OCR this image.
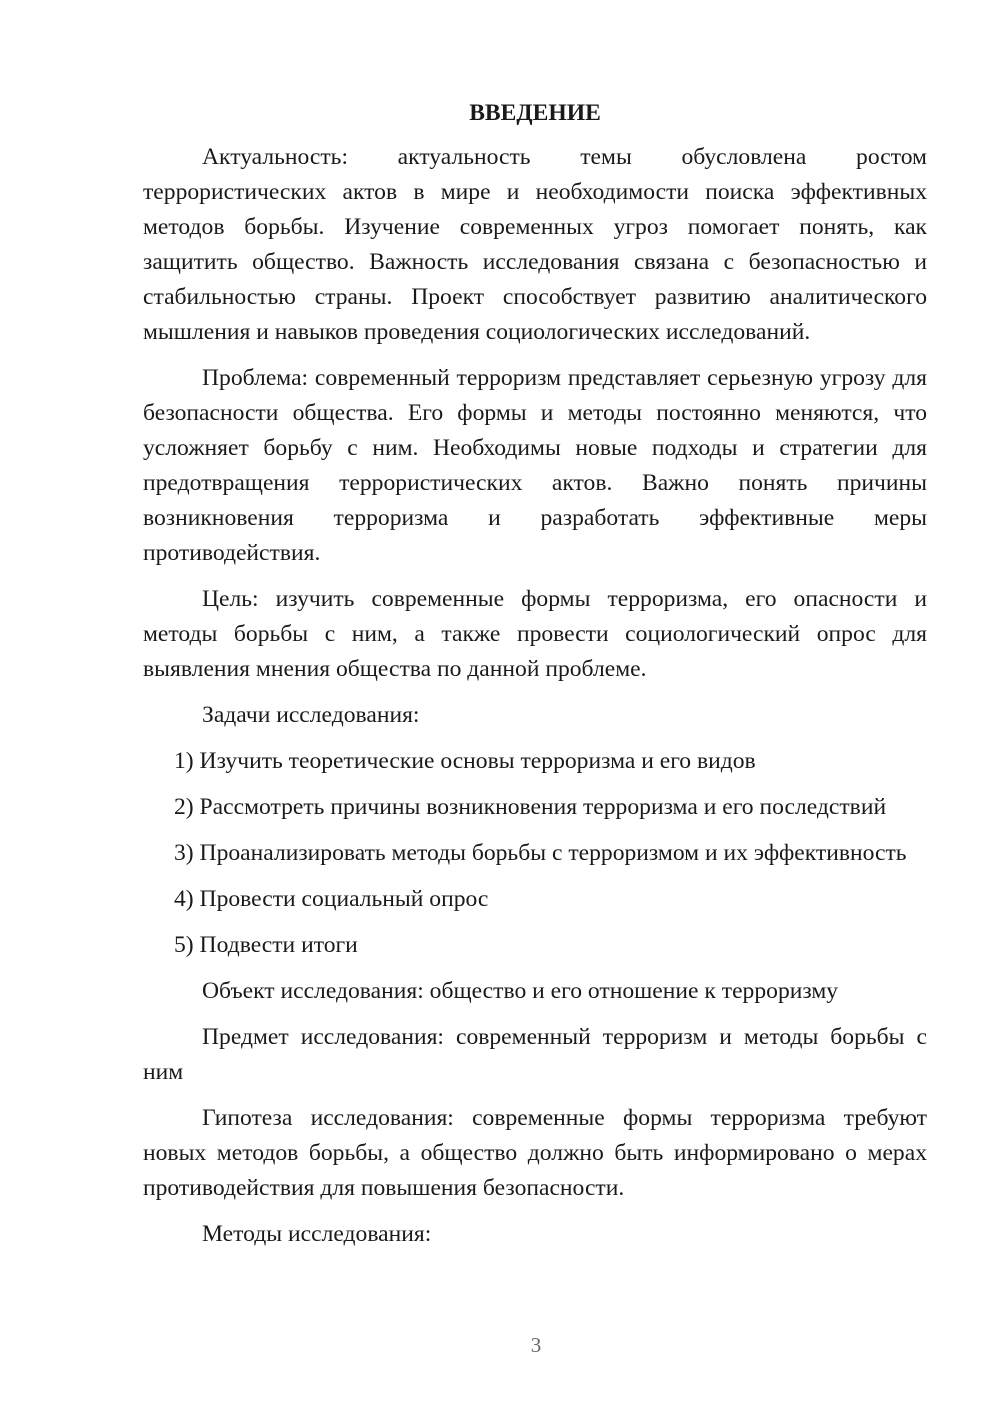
ВВЕДЕНИЕ

Актуальность: актуальность темы обусловлена ростом террористических актов в мире и необходимости поиска эффективных методов борьбы. Изучение современных угроз помогает понять, как защитить общество. Важность исследования связана с безопасностью и стабильностью страны. Проект способствует развитию аналитического мышления и навыков проведения социологических исследований.

Проблема: современный терроризм представляет серьезную угрозу для безопасности общества. Его формы и методы постоянно меняются, что усложняет борьбу с ним. Необходимы новые подходы и стратегии для предотвращения террористических актов. Важно понять причины возникновения терроризма и разработать эффективные меры противодействия.

Цель: изучить современные формы терроризма, его опасности и методы борьбы с ним, а также провести социологический опрос для выявления мнения общества по данной проблеме.

Задачи исследования:

1) Изучить теоретические основы терроризма и его видов

2) Рассмотреть причины возникновения терроризма и его последствий

3) Проанализировать методы борьбы с терроризмом и их эффективность

4) Провести социальный опрос

5) Подвести итоги

Объект исследования: общество и его отношение к терроризму

Предмет исследования: современный терроризм и методы борьбы с ним

Гипотеза исследования: современные формы терроризма требуют новых методов борьбы, а общество должно быть информировано о мерах противодействия для повышения безопасности.

Методы исследования:

3
